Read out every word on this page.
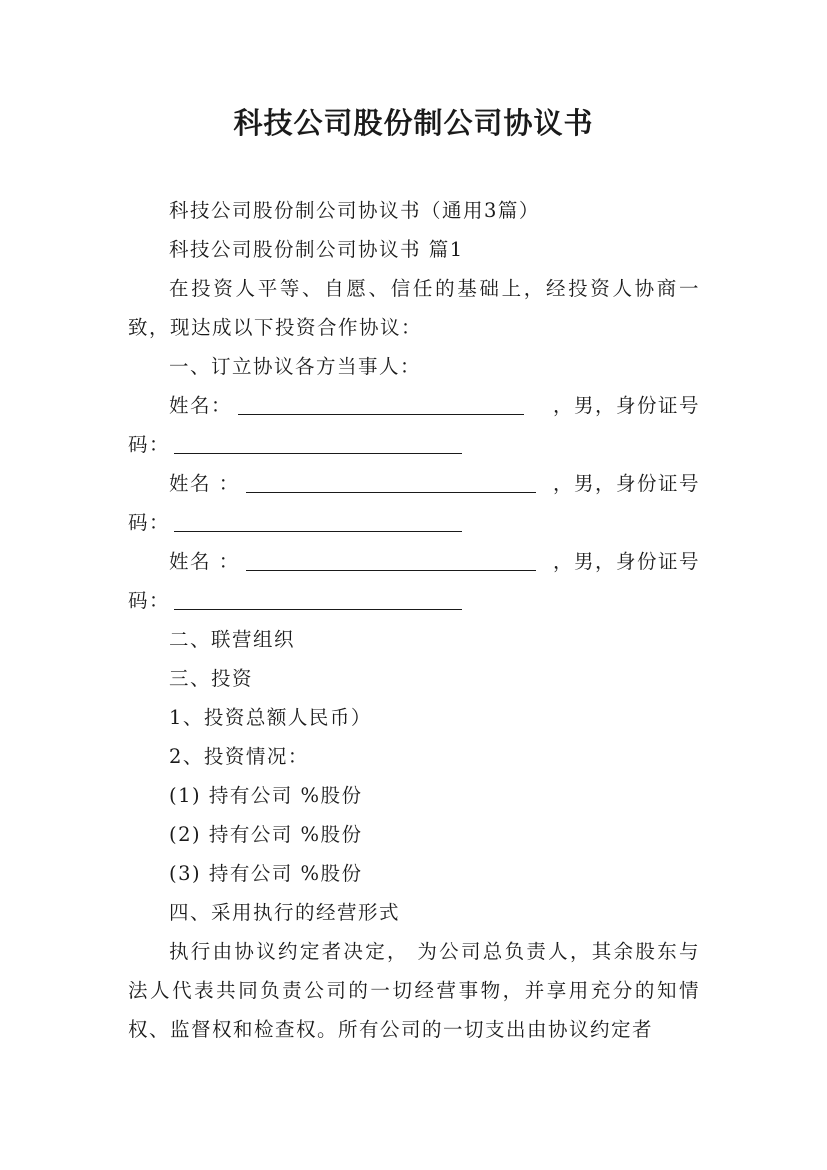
科技公司股份制公司协议书

科技公司股份制公司协议书（通用3篇）

科技公司股份制公司协议书 篇1

在投资人平等、自愿、信任的基础上，经投资人协商一致，现达成以下投资合作协议：

一、订立协议各方当事人：

姓名：	，男，身份证号

码：

姓名 ：	，男，身份证号

码：

姓名 ：	，男，身份证号

码：

二、联营组织

三、投资

1、投资总额人民币）

2、投资情况：

(1) 持有公司 %股份

(2) 持有公司 %股份

(3) 持有公司 %股份

四、采用执行的经营形式

执行由协议约定者决定， 为公司总负责人，其余股东与法人代表共同负责公司的一切经营事物，并享用充分的知情权、监督权和检查权。所有公司的一切支出由协议约定者
